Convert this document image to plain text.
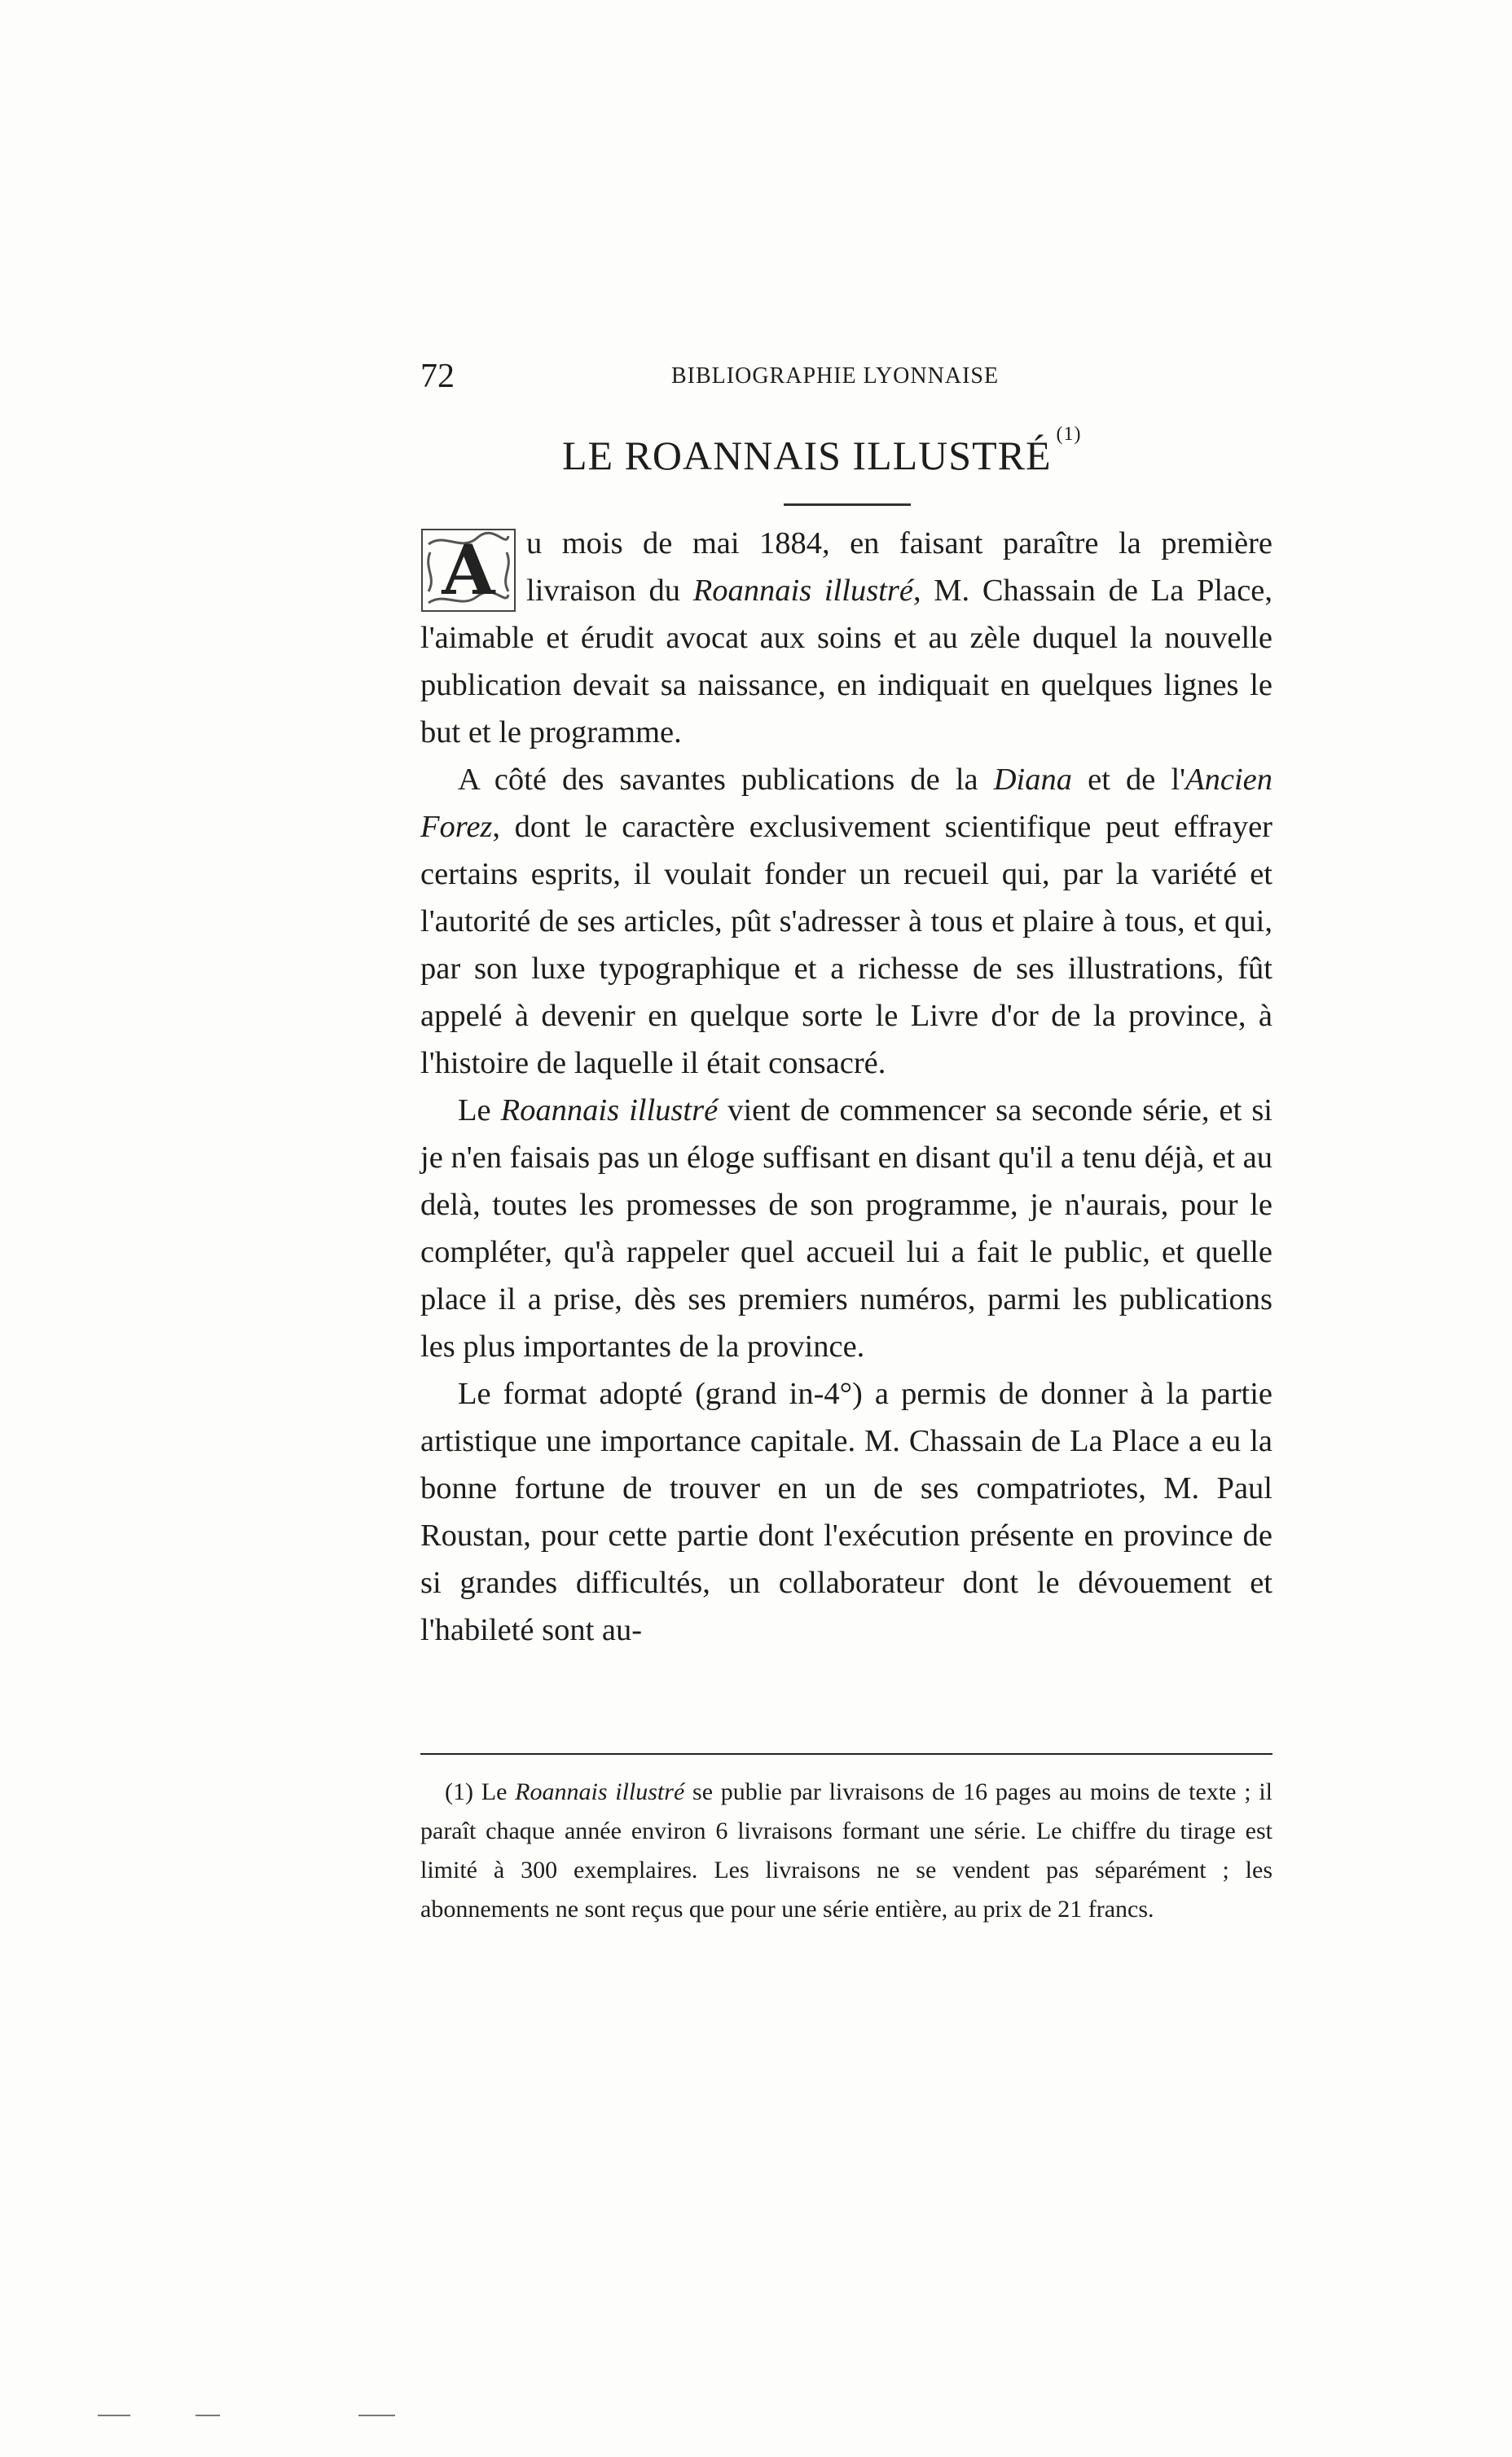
72	BIBLIOGRAPHIE LYONNAISE
LE ROANNAIS ILLUSTRÉ $^{(1)}$

A u mois de mai 1884, en faisant paraître la première livraison du Roannais illustré, M. Chassain de La Place, l'aimable et érudit avocat aux soins et au zèle duquel la nouvelle publication devait sa naissance, en indiquait en quelques lignes le but et le programme.

A côté des savantes publications de la Diana et de l'Ancien Forez, dont le caractère exclusivement scientifique peut effrayer certains esprits, il voulait fonder un recueil qui, par la variété et l'autorité de ses articles, pût s'adresser à tous et plaire à tous, et qui, par son luxe typographique et a richesse de ses illustrations, fût appelé à devenir en quelque sorte le Livre d'or de la province, à l'histoire de laquelle il était consacré.

Le Roannais illustré vient de commencer sa seconde série, et si je n'en faisais pas un éloge suffisant en disant qu'il a tenu déjà, et au delà, toutes les promesses de son programme, je n'aurais, pour le compléter, qu'à rappeler quel accueil lui a fait le public, et quelle place il a prise, dès ses premiers numéros, parmi les publications les plus importantes de la province.

Le format adopté (grand in-4°) a permis de donner à la partie artistique une importance capitale. M. Chassain de La Place a eu la bonne fortune de trouver en un de ses compatriotes, M. Paul Roustan, pour cette partie dont l'exécution présente en province de si grandes difficultés, un collaborateur dont le dévouement et l'habileté sont au-

(1) Le Roannais illustré se publie par livraisons de 16 pages au moins de texte ; il paraît chaque année environ 6 livraisons formant une série. Le chiffre du tirage est limité à 300 exemplaires. Les livraisons ne se vendent pas séparément ; les abonnements ne sont reçus que pour une série entière, au prix de 21 francs.
